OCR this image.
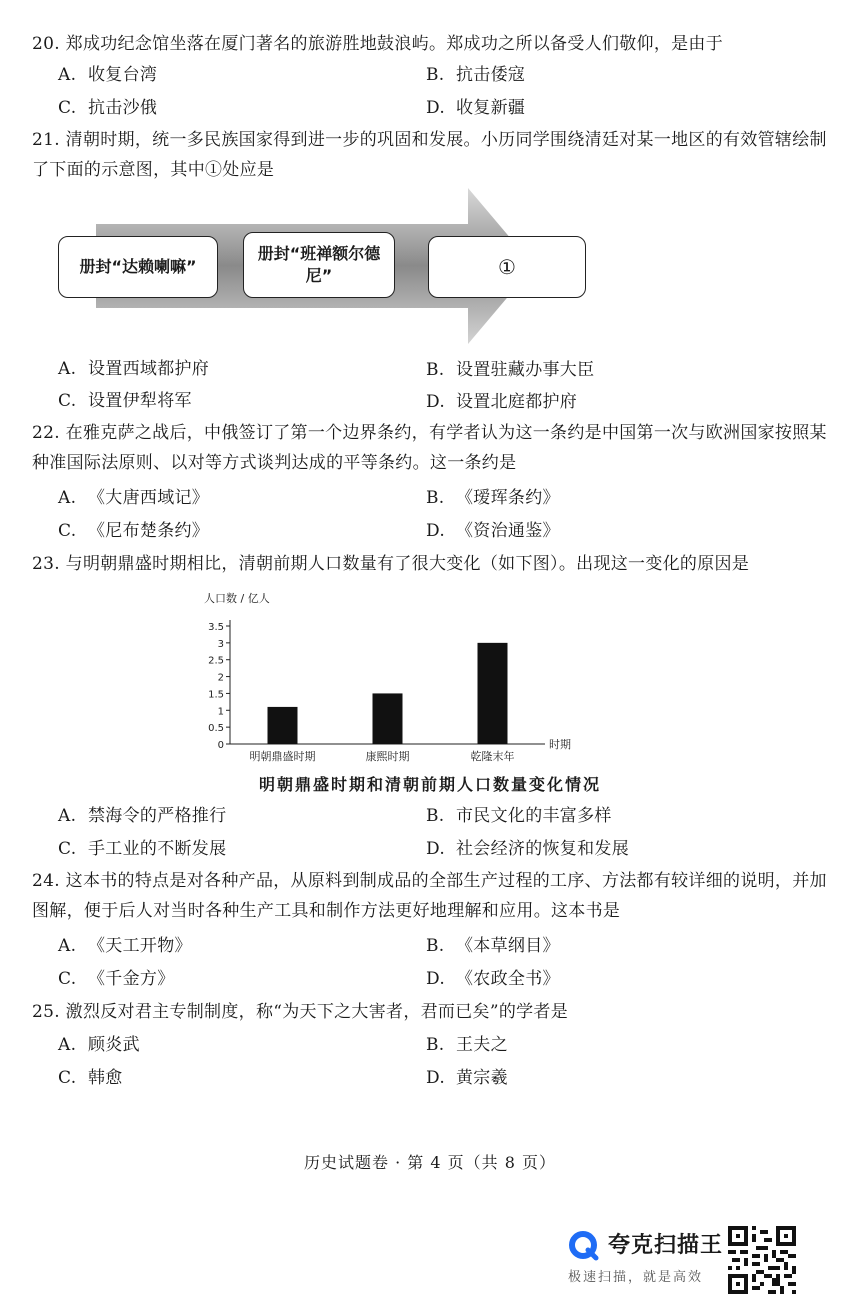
20. 郑成功纪念馆坐落在厦门著名的旅游胜地鼓浪屿。郑成功之所以备受人们敬仰，是由于
A. 收复台湾	B. 抗击倭寇
C. 抗击沙俄	D. 收复新疆
21. 清朝时期，统一多民族国家得到进一步的巩固和发展。小历同学围绕清廷对某一地区的有效管辖绘制了下面的示意图，其中①处应是
册封“达赖喇嘛”
册封“班禅额尔德尼”	①
A. 设置西域都护府	B. 设置驻藏办事大臣
C. 设置伊犁将军	D. 设置北庭都护府
22. 在雅克萨之战后，中俄签订了第一个边界条约，有学者认为这一条约是中国第一次与欧洲国家按照某种准国际法原则、以对等方式谈判达成的平等条约。这一条约是
A. 《大唐西域记》	B. 《瑷珲条约》
C. 《尼布楚条约》	D. 《资治通鉴》
23. 与明朝鼎盛时期相比，清朝前期人口数量有了很大变化（如下图）。出现这一变化的原因是
人口数 / 亿人
时期
0
0.5
1
1.5
2
2.5
3
3.5
明朝鼎盛时期	康熙时期	乾隆末年
明朝鼎盛时期和清朝前期人口数量变化情况
A. 禁海令的严格推行	B. 市民文化的丰富多样
C. 手工业的不断发展	D. 社会经济的恢复和发展
24. 这本书的特点是对各种产品，从原料到制成品的全部生产过程的工序、方法都有较详细的说明，并加图解，便于后人对当时各种生产工具和制作方法更好地理解和应用。这本书是
A. 《天工开物》	B. 《本草纲目》
C. 《千金方》	D. 《农政全书》
25. 激烈反对君主专制制度，称“为天下之大害者，君而已矣”的学者是
A. 顾炎武	B. 王夫之
C. 韩愈	D. 黄宗羲
历史试题卷 · 第 4 页（共 8 页）
夸克扫描王
极速扫描，就是高效
